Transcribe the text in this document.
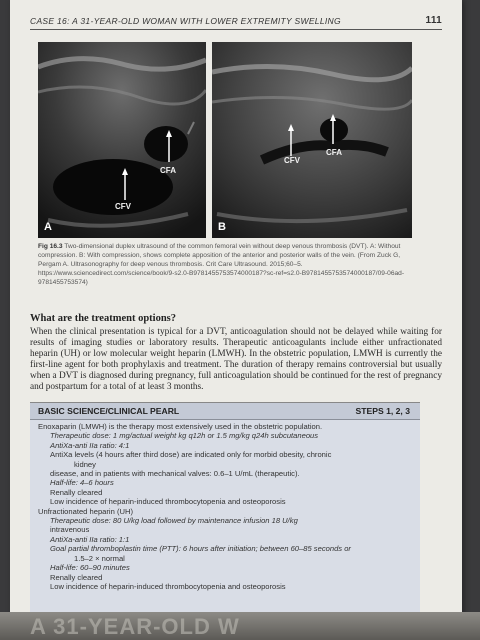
CASE 16: A 31-YEAR-OLD WOMAN WITH LOWER EXTREMITY SWELLING	111
CFA
CFV
A
CFV
CFA
B
Fig 16.3 Two-dimensional duplex ultrasound of the common femoral vein without deep venous thrombosis (DVT). A: Without compression. B: With compression, shows complete apposition of the anterior and posterior walls of the vein. (From Zuck G, Pergam A. Ultrasonography for deep venous thrombosis. Crit Care Ultrasound. 2015;60–5. https://www.sciencedirect.com/science/book/9-s2.0-B9781455753574000187?sc-ref=s2.0-B9781455753574000187/09-06ad-9781455753574)
What are the treatment options?
When the clinical presentation is typical for a DVT, anticoagulation should not be delayed while waiting for results of imaging studies or laboratory results. Therapeutic anticoagulants include either unfractionated heparin (UH) or low molecular weight heparin (LMWH). In the obstetric population, LMWH is currently the first-line agent for both prophylaxis and treatment. The duration of therapy remains controversial but usually when a DVT is diagnosed during pregnancy, full anticoagulation should be continued for the rest of pregnancy and postpartum for a total of at least 3 months.
BASIC SCIENCE/CLINICAL PEARL	STEPS 1, 2, 3
Enoxaparin (LMWH) is the therapy most extensively used in the obstetric population.
Therapeutic dose: 1 mg/actual weight kg q12h or 1.5 mg/kg q24h subcutaneous
AntiXa-anti IIa ratio: 4:1
AntiXa levels (4 hours after third dose) are indicated only for morbid obesity, chronic
kidney
disease, and in patients with mechanical valves: 0.6–1 U/mL (therapeutic).
Half-life: 4–6 hours
Renally cleared
Low incidence of heparin-induced thrombocytopenia and osteoporosis
Unfractionated heparin (UH)
Therapeutic dose: 80 U/kg load followed by maintenance infusion 18 U/kg
intravenous
AntiXa-anti IIa ratio: 1:1
Goal partial thromboplastin time (PTT): 6 hours after initiation; between 60–85 seconds or
1.5–2 × normal
Half-life: 60–90 minutes
Renally cleared
Low incidence of heparin-induced thrombocytopenia and osteoporosis
A 31-YEAR-OLD W
